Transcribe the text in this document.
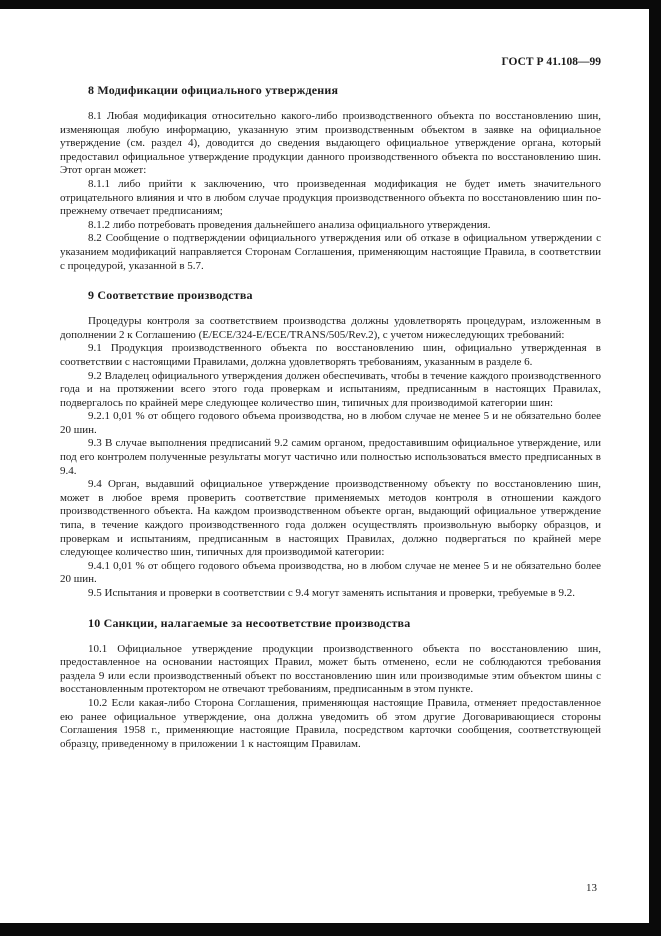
ГОСТ Р 41.108—99
8 Модификации официального утверждения

8.1 Любая модификация относительно какого-либо производственного объекта по восстановлению шин, изменяющая любую информацию, указанную этим производственным объектом в заявке на официальное утверждение (см. раздел 4), доводится до сведения выдающего официальное утверждение органа, который предоставил официальное утверждение продукции данного производственного объекта по восстановлению шин. Этот орган может:

8.1.1 либо прийти к заключению, что произведенная модификация не будет иметь значительного отрицательного влияния и что в любом случае продукция производственного объекта по восстановлению шин по-прежнему отвечает предписаниям;

8.1.2 либо потребовать проведения дальнейшего анализа официального утверждения.

8.2 Сообщение о подтверждении официального утверждения или об отказе в официальном утверждении с указанием модификаций направляется Сторонам Соглашения, применяющим настоящие Правила, в соответствии с процедурой, указанной в 5.7.

9 Соответствие производства

Процедуры контроля за соответствием производства должны удовлетворять процедурам, изложенным в дополнении 2 к Соглашению (Е/ЕСЕ/324-Е/ЕСЕ/TRANS/505/Rev.2), с учетом нижеследующих требований:

9.1 Продукция производственного объекта по восстановлению шин, официально утвержденная в соответствии с настоящими Правилами, должна удовлетворять требованиям, указанным в разделе 6.

9.2 Владелец официального утверждения должен обеспечивать, чтобы в течение каждого производственного года и на протяжении всего этого года проверкам и испытаниям, предписанным в настоящих Правилах, подвергалось по крайней мере следующее количество шин, типичных для производимой категории шин:

9.2.1 0,01 % от общего годового объема производства, но в любом случае не менее 5 и не обязательно более 20 шин.

9.3 В случае выполнения предписаний 9.2 самим органом, предоставившим официальное утверждение, или под его контролем полученные результаты могут частично или полностью использоваться вместо предписанных в 9.4.

9.4 Орган, выдавший официальное утверждение производственному объекту по восстановлению шин, может в любое время проверить соответствие применяемых методов контроля в отношении каждого производственного объекта. На каждом производственном объекте орган, выдающий официальное утверждение типа, в течение каждого производственного года должен осуществлять произвольную выборку образцов, и проверкам и испытаниям, предписанным в настоящих Правилах, должно подвергаться по крайней мере следующее количество шин, типичных для производимой категории:

9.4.1 0,01 % от общего годового объема производства, но в любом случае не менее 5 и не обязательно более 20 шин.

9.5 Испытания и проверки в соответствии с 9.4 могут заменять испытания и проверки, требуемые в 9.2.

10 Санкции, налагаемые за несоответствие производства

10.1 Официальное утверждение продукции производственного объекта по восстановлению шин, предоставленное на основании настоящих Правил, может быть отменено, если не соблюдаются требования раздела 9 или если производственный объект по восстановлению шин или производимые этим объектом шины с восстановленным протектором не отвечают требованиям, предписанным в этом пункте.

10.2 Если какая-либо Сторона Соглашения, применяющая настоящие Правила, отменяет предоставленное ею ранее официальное утверждение, она должна уведомить об этом другие Договаривающиеся стороны Соглашения 1958 г., применяющие настоящие Правила, посредством карточки сообщения, соответствующей образцу, приведенному в приложении 1 к настоящим Правилам.

13
